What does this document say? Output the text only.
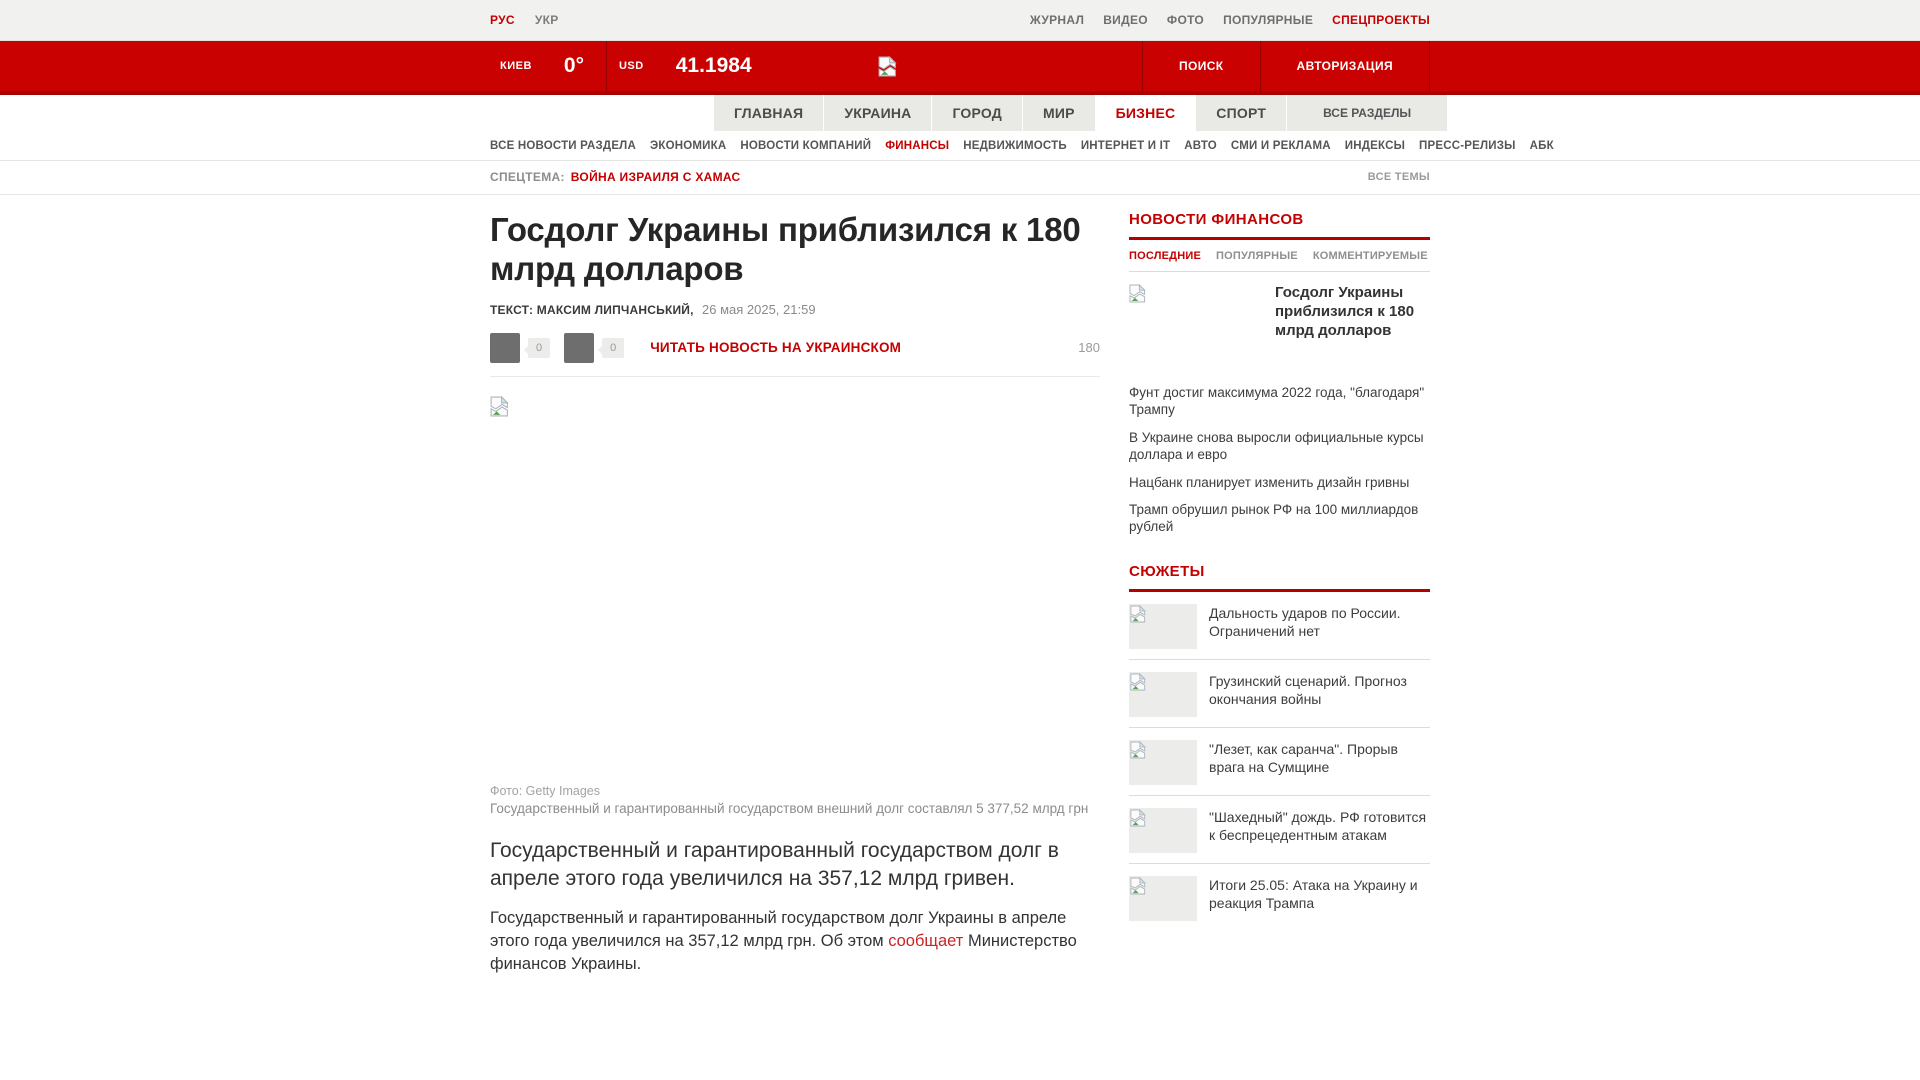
РУС УКР	ЖУРНАЛ ВИДЕО ФОТО ПОПУЛЯРНЫЕ СПЕЦПРОЕКТЫ
КИЕВ 0°	USD 41.1984	ПОИСК	АВТОРИЗАЦИЯ
ГЛАВНАЯ	УКРАИНА	ГОРОД	МИР	БИЗНЕС	СПОРТ	ВСЕ РАЗДЕЛЫ
ВСЕ НОВОСТИ РАЗДЕЛА ЭКОНОМИКА НОВОСТИ КОМПАНИЙ ФИНАНСЫ НЕДВИЖИМОСТЬ ИНТЕРНЕТ И IT АВТО СМИ И РЕКЛАМА ИНДЕКСЫ ПРЕСС-РЕЛИЗЫ АБК
СПЕЦТЕМА: ВОЙНА ИЗРАИЛЯ С ХАМАС	ВСЕ ТЕМЫ
Госдолг Украины приблизился к 180 млрд долларов
ТЕКСТ: МАКСИМ ЛИПЧАНСЬКИЙ, 26 мая 2025, 21:59
0	0	ЧИТАТЬ НОВОСТЬ НА УКРАИНСКОМ	180
Фото: Getty Images
Государственный и гарантированный государством внешний долг составлял 5 377,52 млрд грн
Государственный и гарантированный государством долг в апреле этого года увеличился на 357,12 млрд гривен.
Государственный и гарантированный государством долг Украины в апреле этого года увеличился на 357,12 млрд грн. Об этом сообщает Министерство финансов Украины.
НОВОСТИ ФИНАНСОВ
ПОСЛЕДНИЕ ПОПУЛЯРНЫЕ КОММЕНТИРУЕМЫЕ
Госдолг Украины приблизился к 180 млрд долларов
Фунт достиг максимума 2022 года, "благодаря" Трампу
В Украине снова выросли официальные курсы доллара и евро
Нацбанк планирует изменить дизайн гривны
Трамп обрушил рынок РФ на 100 миллиардов рублей
СЮЖЕТЫ
Дальность ударов по России. Ограничений нет
Грузинский сценарий. Прогноз окончания войны
"Лезет, как саранча". Прорыв врага на Сумщине
"Шахедный" дождь. РФ готовится к беспрецедентным атакам
Итоги 25.05: Атака на Украину и реакция Трампа
